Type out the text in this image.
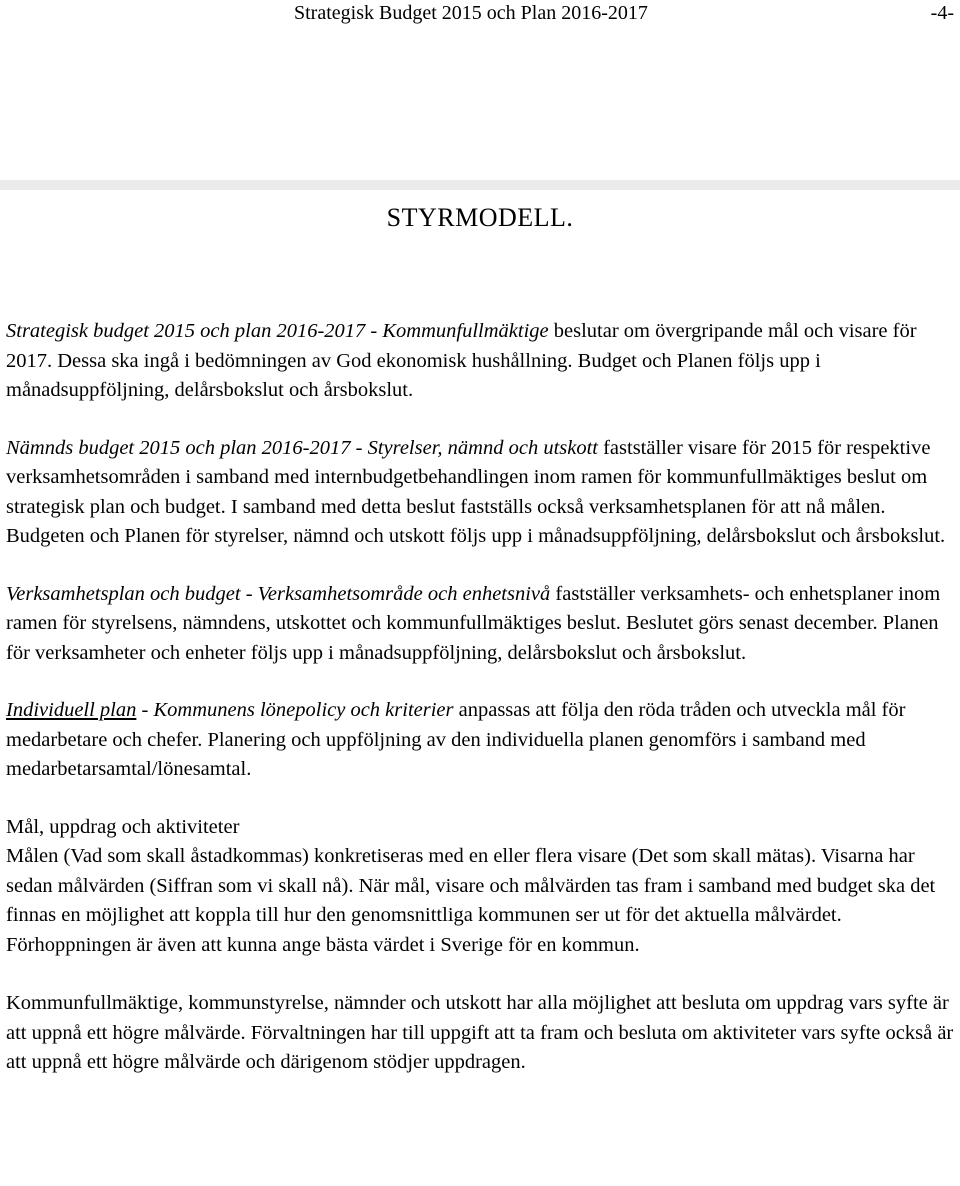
Strategisk Budget 2015 och Plan 2016-2017	-4-
STYRMODELL.

Strategisk budget 2015 och plan 2016-2017 - Kommunfullmäktige beslutar om övergripande mål och visare för 2017. Dessa ska ingå i bedömningen av God ekonomisk hushållning. Budget och Planen följs upp i månadsuppföljning, delårsbokslut och årsbokslut.

Nämnds budget 2015 och plan 2016-2017 - Styrelser, nämnd och utskott fastställer visare för 2015 för respektive verksamhetsområden i samband med internbudgetbehandlingen inom ramen för kommunfullmäktiges beslut om strategisk plan och budget. I samband med detta beslut fastställs också verksamhetsplanen för att nå målen. Budgeten och Planen för styrelser, nämnd och utskott följs upp i månadsuppföljning, delårsbokslut och årsbokslut.

Verksamhetsplan och budget - Verksamhetsområde och enhetsnivå fastställer verksamhets- och enhetsplaner inom ramen för styrelsens, nämndens, utskottet och kommunfullmäktiges beslut. Beslutet görs senast december. Planen för verksamheter och enheter följs upp i månadsuppföljning, delårsbokslut och årsbokslut.

Individuell plan - Kommunens lönepolicy och kriterier anpassas att följa den röda tråden och utveckla mål för medarbetare och chefer. Planering och uppföljning av den individuella planen genomförs i samband med medarbetarsamtal/lönesamtal.

Mål, uppdrag och aktiviteter
Målen (Vad som skall åstadkommas) konkretiseras med en eller flera visare (Det som skall mätas). Visarna har sedan målvärden (Siffran som vi skall nå). När mål, visare och målvärden tas fram i samband med budget ska det finnas en möjlighet att koppla till hur den genomsnittliga kommunen ser ut för det aktuella målvärdet. Förhoppningen är även att kunna ange bästa värdet i Sverige för en kommun.

Kommunfullmäktige, kommunstyrelse, nämnder och utskott har alla möjlighet att besluta om uppdrag vars syfte är att uppnå ett högre målvärde. Förvaltningen har till uppgift att ta fram och besluta om aktiviteter vars syfte också är att uppnå ett högre målvärde och därigenom stödjer uppdragen.
